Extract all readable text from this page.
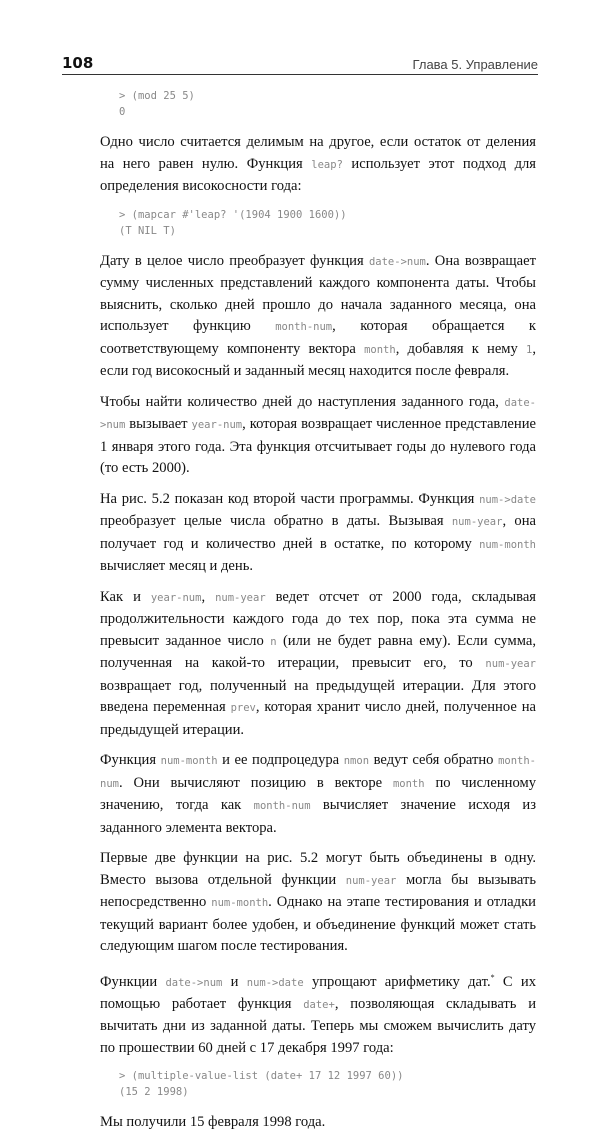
108	Глава 5. Управление
> (mod 25 5)
0

Одно число считается делимым на другое, если остаток от деления на него равен нулю. Функция leap? использует этот подход для определения високосности года:

> (mapcar #'leap? '(1904 1900 1600))
(T NIL T)

Дату в целое число преобразует функция date->num. Она возвращает сумму численных представлений каждого компонента даты. Чтобы выяснить, сколько дней прошло до начала заданного месяца, она использует функцию month-num, которая обращается к соответствующему компоненту вектора month, добавляя к нему 1, если год високосный и заданный месяц находится после февраля.

Чтобы найти количество дней до наступления заданного года, date->num вызывает year-num, которая возвращает численное представление 1 января этого года. Эта функция отсчитывает годы до нулевого года (то есть 2000).

На рис. 5.2 показан код второй части программы. Функция num->date преобразует целые числа обратно в даты. Вызывая num-year, она получает год и количество дней в остатке, по которому num-month вычисляет месяц и день.

Как и year-num, num-year ведет отсчет от 2000 года, складывая продолжительности каждого года до тех пор, пока эта сумма не превысит заданное число n (или не будет равна ему). Если сумма, полученная на какой-то итерации, превысит его, то num-year возвращает год, полученный на предыдущей итерации. Для этого введена переменная prev, которая хранит число дней, полученное на предыдущей итерации.

Функция num-month и ее подпроцедура nmon ведут себя обратно month-num. Они вычисляют позицию в векторе month по численному значению, тогда как month-num вычисляет значение исходя из заданного элемента вектора.

Первые две функции на рис. 5.2 могут быть объединены в одну. Вместо вызова отдельной функции num-year могла бы вызывать непосредственно num-month. Однако на этапе тестирования и отладки текущий вариант более удобен, и объединение функций может стать следующим шагом после тестирования.

Функции date->num и num->date упрощают арифметику дат.* С их помощью работает функция date+, позволяющая складывать и вычитать дни из заданной даты. Теперь мы сможем вычислить дату по прошествии 60 дней с 17 декабря 1997 года:

> (multiple-value-list (date+ 17 12 1997 60))
(15 2 1998)

Мы получили 15 февраля 1998 года.
